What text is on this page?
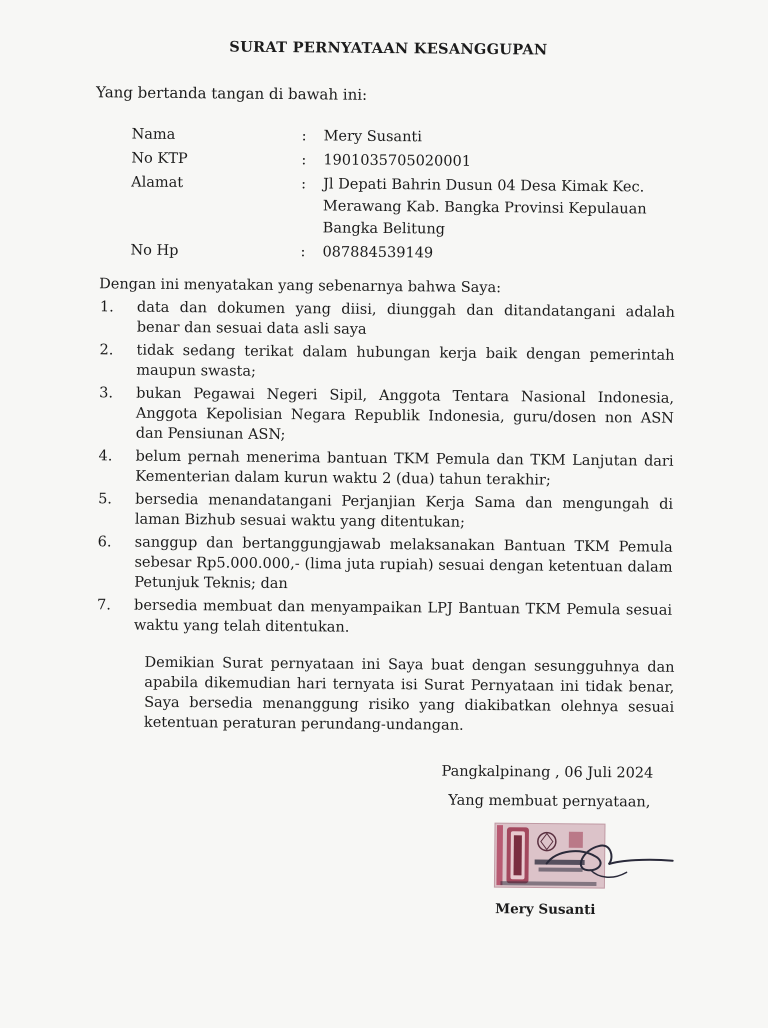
SURAT PERNYATAAN KESANGGUPAN
Yang bertanda tangan di bawah ini:
Nama	:	Mery Susanti
No KTP	:	1901035705020001
Alamat	:	Jl Depati Bahrin Dusun 04 Desa Kimak Kec.
Merawang Kab. Bangka Provinsi Kepulauan
Bangka Belitung
No Hp	:	087884539149
Dengan ini menyatakan yang sebenarnya bahwa Saya:
1.	data dan dokumen yang diisi, diunggah dan ditandatangani adalah benar dan sesuai data asli saya
2.	tidak sedang terikat dalam hubungan kerja baik dengan pemerintah maupun swasta;
3.	bukan Pegawai Negeri Sipil, Anggota Tentara Nasional Indonesia, Anggota Kepolisian Negara Republik Indonesia, guru/dosen non ASN dan Pensiunan ASN;
4.	belum pernah menerima bantuan TKM Pemula dan TKM Lanjutan dari Kementerian dalam kurun waktu 2 (dua) tahun terakhir;
5.	bersedia menandatangani Perjanjian Kerja Sama dan mengungah di laman Bizhub sesuai waktu yang ditentukan;
6.	sanggup dan bertanggungjawab melaksanakan Bantuan TKM Pemula sebesar Rp5.000.000,- (lima juta rupiah) sesuai dengan ketentuan dalam Petunjuk Teknis; dan
7.	bersedia membuat dan menyampaikan LPJ Bantuan TKM Pemula sesuai waktu yang telah ditentukan.
Demikian Surat pernyataan ini Saya buat dengan sesungguhnya dan apabila dikemudian hari ternyata isi Surat Pernyataan ini tidak benar, Saya bersedia menanggung risiko yang diakibatkan olehnya sesuai ketentuan peraturan perundang-undangan.
Pangkalpinang , 06 Juli 2024
Yang membuat pernyataan,
Mery Susanti
